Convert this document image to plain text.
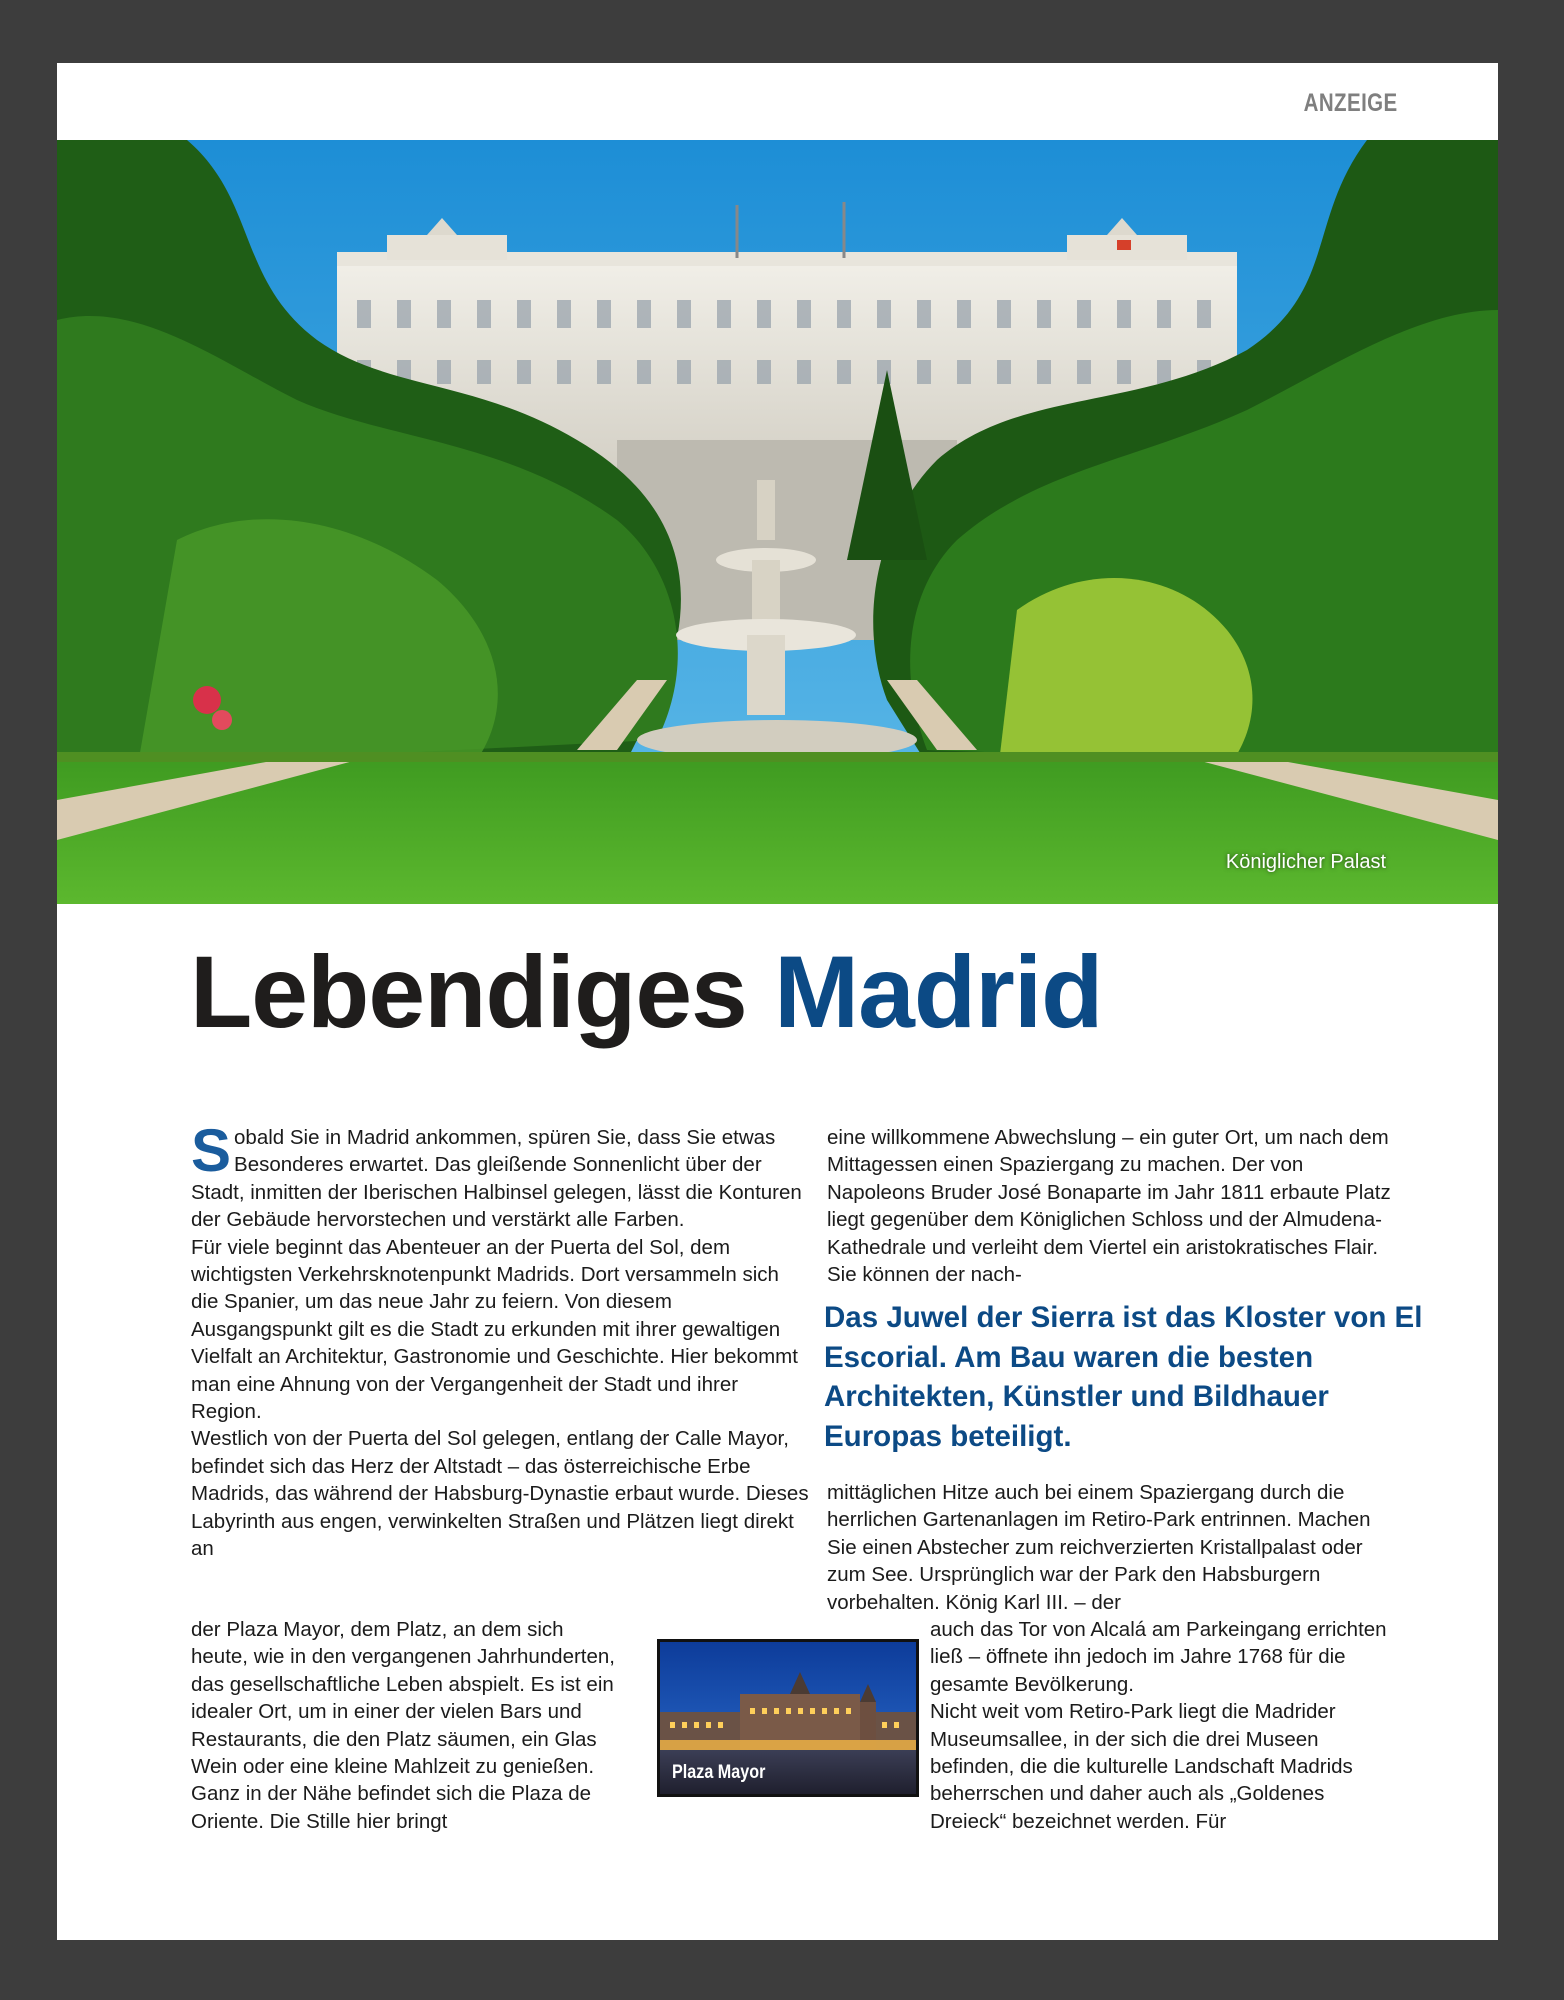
ANZEIGE
Königlicher Palast
Lebendiges Madrid

Sobald Sie in Madrid ankommen, spüren Sie, dass Sie etwas Besonderes erwartet. Das gleißende Sonnenlicht über der Stadt, inmitten der Iberischen Halbinsel gelegen, lässt die Konturen der Gebäude hervorstechen und verstärkt alle Farben.

Für viele beginnt das Abenteuer an der Puerta del Sol, dem wichtigsten Verkehrsknotenpunkt Madrids. Dort versammeln sich die Spanier, um das neue Jahr zu feiern. Von diesem Ausgangspunkt gilt es die Stadt zu erkunden mit ihrer gewaltigen Vielfalt an Architektur, Gastronomie und Geschichte. Hier bekommt man eine Ahnung von der Vergangenheit der Stadt und ihrer Region.

Westlich von der Puerta del Sol gelegen, entlang der Calle Mayor, befindet sich das Herz der Altstadt – das österreichische Erbe Madrids, das während der Habsburg-Dynastie erbaut wurde. Dieses Labyrinth aus engen, verwinkelten Straßen und Plätzen liegt direkt an

der Plaza Mayor, dem Platz, an dem sich heute, wie in den vergangenen Jahrhunderten, das gesellschaftliche Leben abspielt. Es ist ein idealer Ort, um in einer der vielen Bars und Restaurants, die den Platz säumen, ein Glas Wein oder eine kleine Mahlzeit zu genießen. Ganz in der Nähe befindet sich die Plaza de Oriente. Die Stille hier bringt

eine willkommene Abwechslung – ein guter Ort, um nach dem Mittagessen einen Spaziergang zu machen. Der von Napoleons Bruder José Bonaparte im Jahr 1811 erbaute Platz liegt gegenüber dem Königlichen Schloss und der Almudena-Kathedrale und verleiht dem Viertel ein aristokratisches Flair. Sie können der nach-

Das Juwel der Sierra ist das Kloster von El Escorial. Am Bau waren die besten Architekten, Künstler und Bildhauer Europas beteiligt.

mittäglichen Hitze auch bei einem Spaziergang durch die herrlichen Gartenanlagen im Retiro-Park entrinnen. Machen Sie einen Abstecher zum reichverzierten Kristallpalast oder zum See. Ursprünglich war der Park den Habsburgern vorbehalten. König Karl III. – der

auch das Tor von Alcalá am Parkeingang errichten ließ – öffnete ihn jedoch im Jahre 1768 für die gesamte Bevölkerung.

Nicht weit vom Retiro-Park liegt die Madrider Museumsallee, in der sich die drei Museen befinden, die die kulturelle Landschaft Madrids beherrschen und daher auch als „Goldenes Dreieck“ bezeichnet werden. Für

Plaza Mayor
